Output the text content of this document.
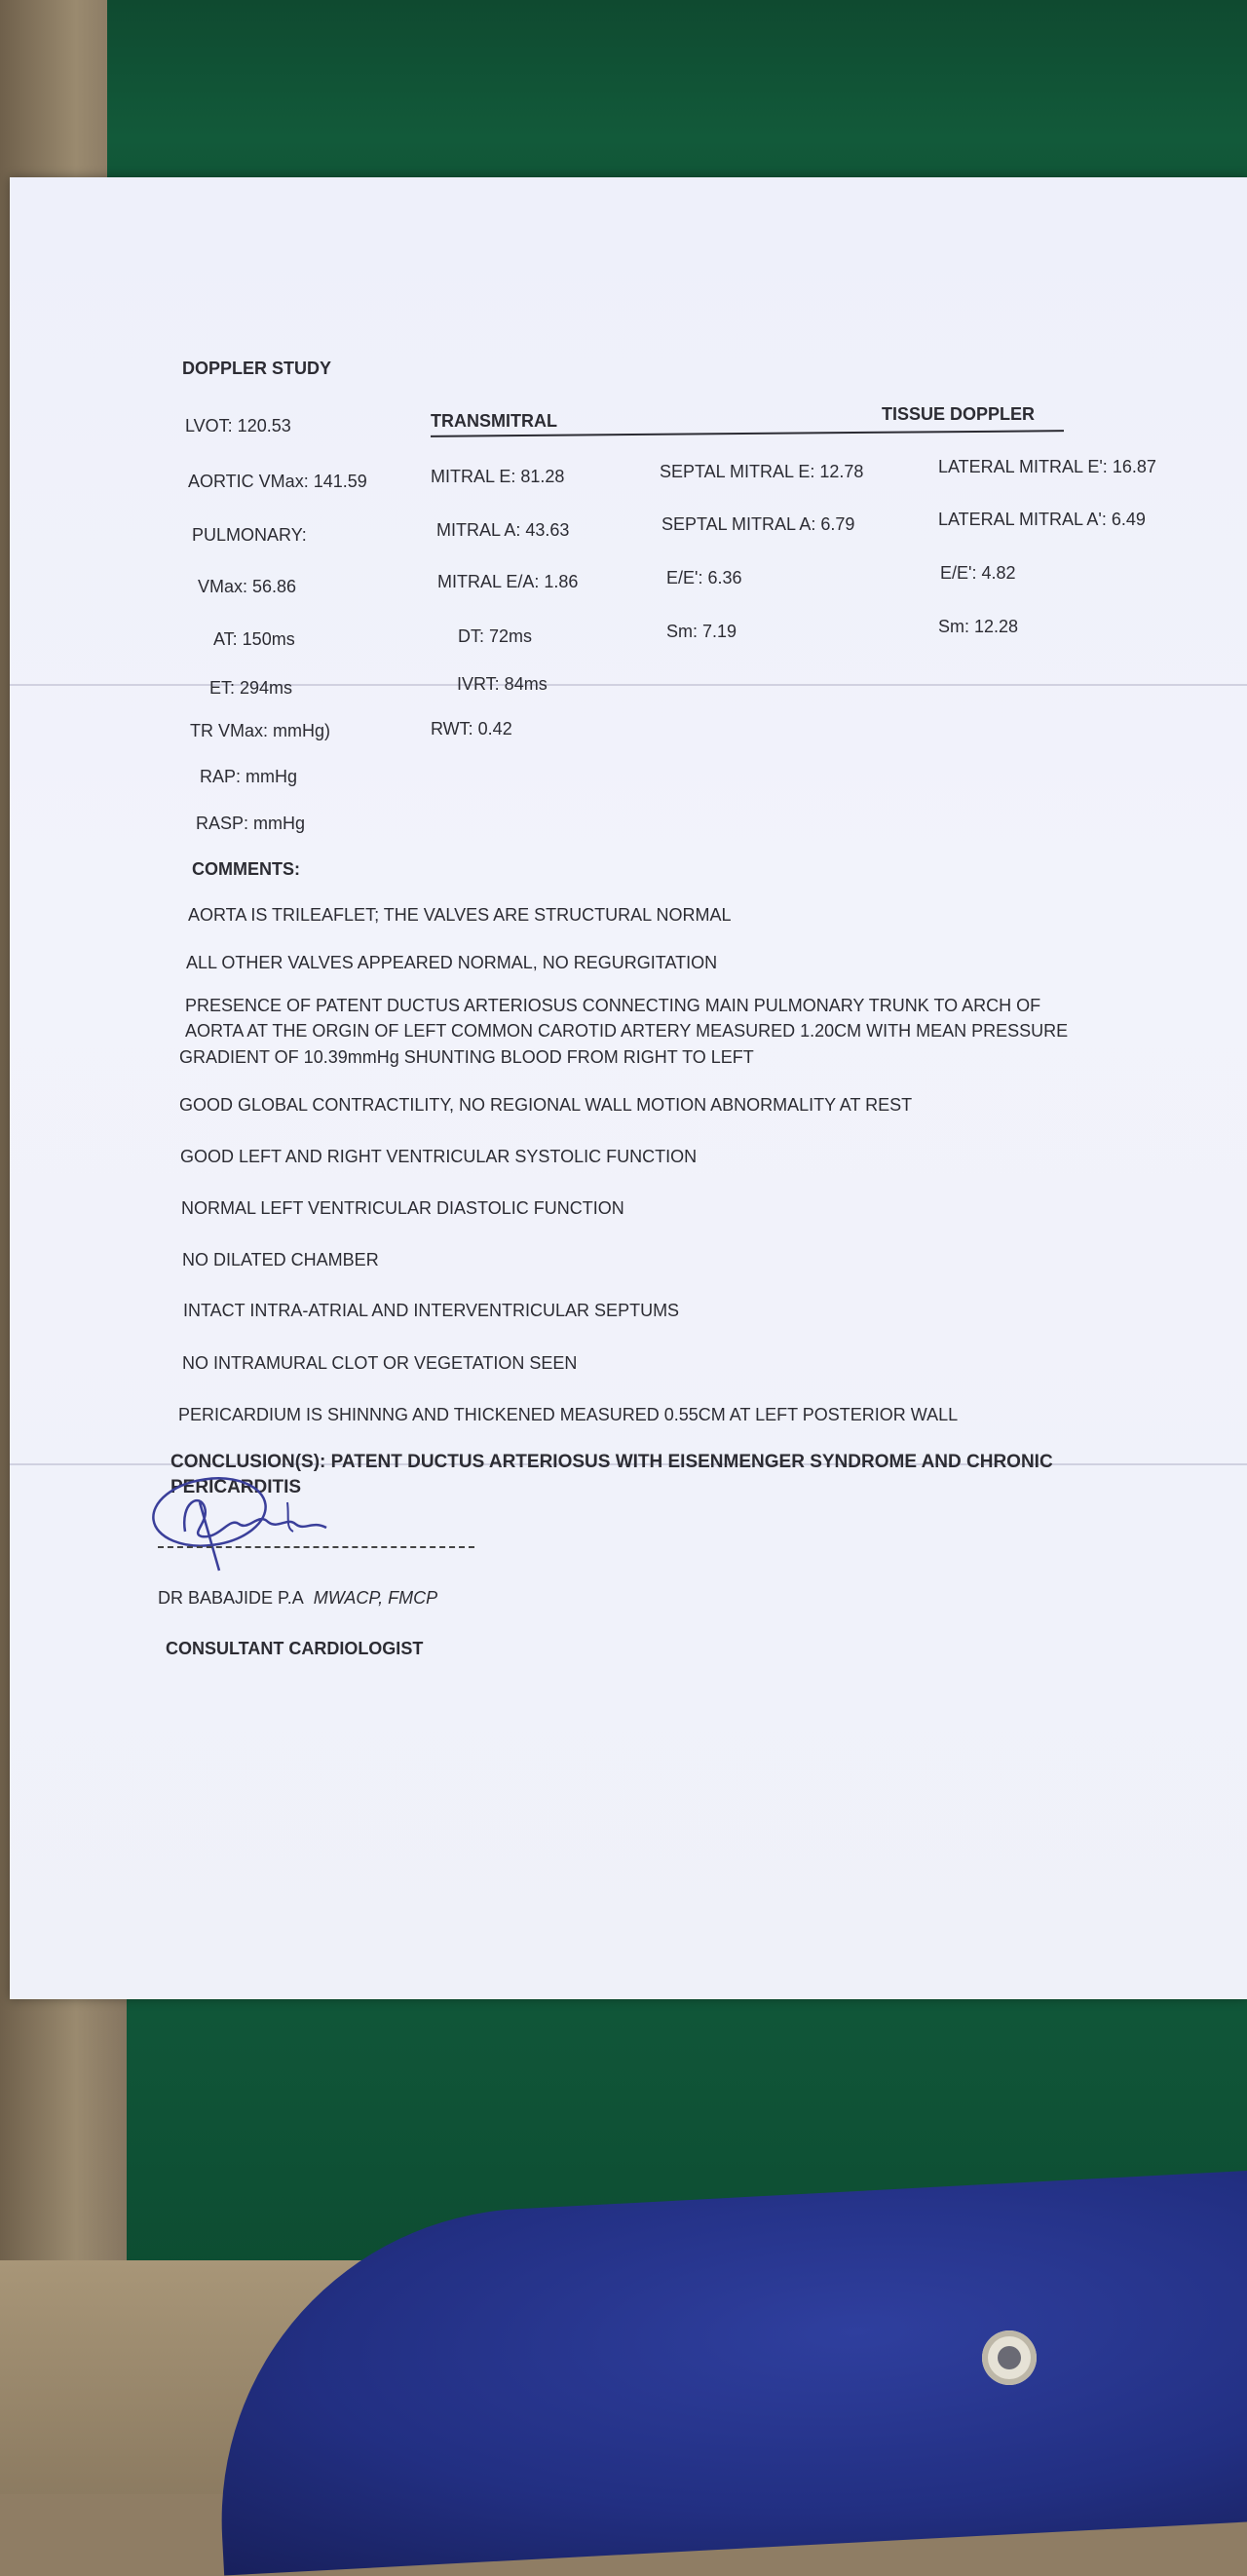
DOPPLER STUDY
LVOT: 120.53
AORTIC VMax: 141.59
PULMONARY:
VMax: 56.86
AT: 150ms
ET: 294ms
TR VMax: mmHg)
RAP: mmHg
RASP: mmHg
TRANSMITRAL
MITRAL E: 81.28
MITRAL A: 43.63
MITRAL E/A: 1.86
DT: 72ms
IVRT: 84ms
RWT: 0.42
TISSUE DOPPLER
SEPTAL MITRAL E: 12.78
SEPTAL MITRAL A: 6.79
E/E': 6.36
Sm: 7.19
LATERAL MITRAL E': 16.87
LATERAL MITRAL A': 6.49
E/E': 4.82
Sm: 12.28
COMMENTS:
AORTA IS TRILEAFLET; THE VALVES ARE STRUCTURAL NORMAL
ALL OTHER VALVES APPEARED NORMAL, NO REGURGITATION
PRESENCE OF PATENT DUCTUS ARTERIOSUS CONNECTING MAIN PULMONARY TRUNK TO ARCH OF
AORTA AT THE ORGIN OF LEFT COMMON CAROTID ARTERY MEASURED 1.20CM WITH MEAN PRESSURE
GRADIENT OF 10.39mmHg SHUNTING BLOOD FROM RIGHT TO LEFT
GOOD GLOBAL CONTRACTILITY, NO REGIONAL WALL MOTION ABNORMALITY AT REST
GOOD LEFT AND RIGHT VENTRICULAR SYSTOLIC FUNCTION
NORMAL LEFT VENTRICULAR DIASTOLIC FUNCTION
NO DILATED CHAMBER
INTACT INTRA-ATRIAL AND INTERVENTRICULAR SEPTUMS
NO INTRAMURAL CLOT OR VEGETATION SEEN
PERICARDIUM IS SHINNNG AND THICKENED MEASURED 0.55CM AT LEFT POSTERIOR WALL
CONCLUSION(S): PATENT DUCTUS ARTERIOSUS WITH EISENMENGER SYNDROME AND CHRONIC
PERICARDITIS
DR BABAJIDE P.A MWACP, FMCP
CONSULTANT CARDIOLOGIST
